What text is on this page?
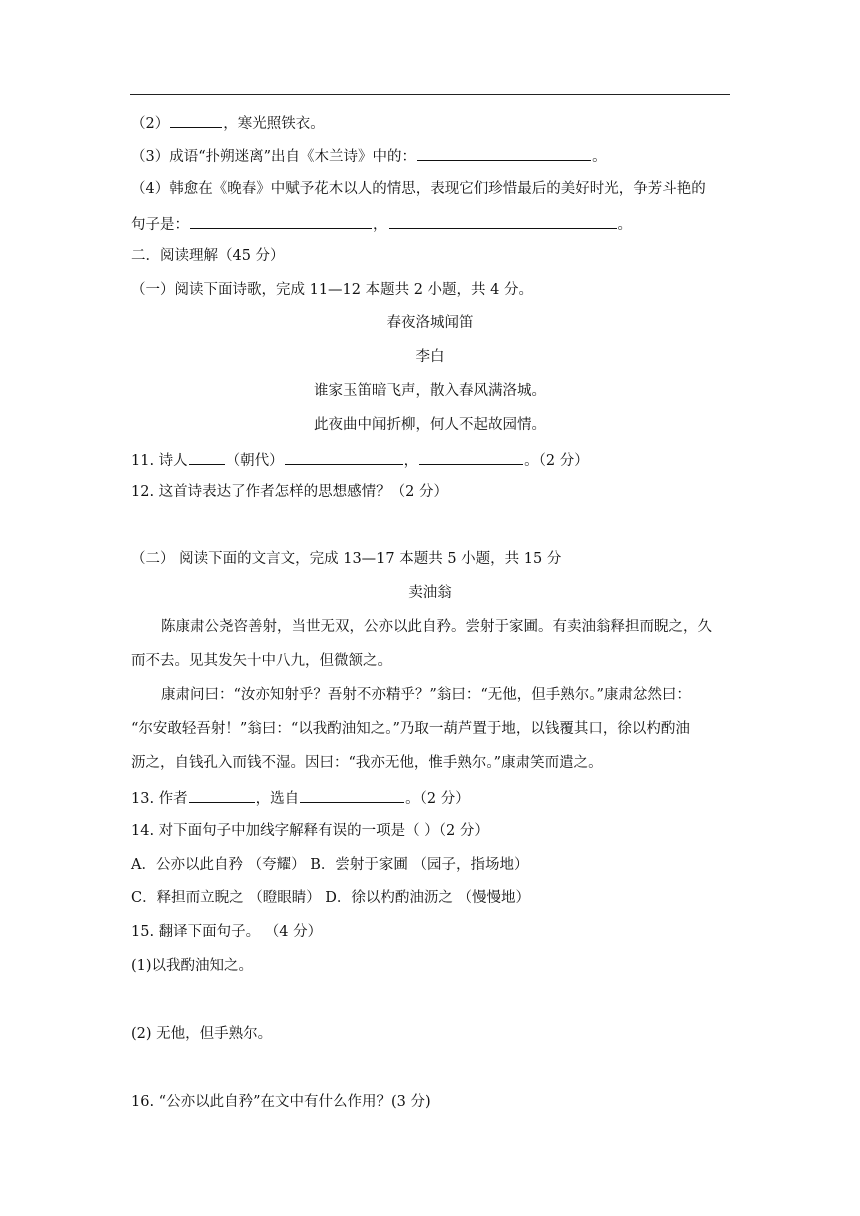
（2）	，寒光照铁衣。
（3）成语“扑朔迷离”出自《木兰诗》中的：	。
（4）韩愈在《晚春》中赋予花木以人的情思，表现它们珍惜最后的美好时光，争芳斗艳的
句子是：	，	。
二．阅读理解（45 分）
（一）阅读下面诗歌，完成 11—12 本题共 2 小题，共 4 分。
春夜洛城闻笛
李白
谁家玉笛暗飞声，散入春风满洛城。
此夜曲中闻折柳，何人不起故园情。
11. 诗人	（朝代）	，	。（2 分）
12. 这首诗表达了作者怎样的思想感情？（2 分）
（二） 阅读下面的文言文，完成 13—17 本题共 5 小题，共 15 分
卖油翁
陈康肃公尧咨善射，当世无双，公亦以此自矜。尝射于家圃。有卖油翁释担而睨之，久
而不去。见其发矢十中八九，但微颔之。
康肃问曰：“汝亦知射乎？吾射不亦精乎？”翁曰：“无他，但手熟尔。”康肃忿然曰：
“尔安敢轻吾射！”翁曰：“以我酌油知之。”乃取一葫芦置于地，以钱覆其口，徐以杓酌油
沥之，自钱孔入而钱不湿。因曰：“我亦无他，惟手熟尔。”康肃笑而遣之。
13. 作者	，选自	。（2 分）
14. 对下面句子中加线字解释有误的一项是（ ）（2 分）
A．公亦以此自矜 （夸耀） B．尝射于家圃 （园子，指场地）
C．释担而立睨之 （瞪眼睛） D．徐以杓酌油沥之 （慢慢地）
15. 翻译下面句子。 （4 分）
(1)以我酌油知之。
(2) 无他，但手熟尔。
16. “公亦以此自矜”在文中有什么作用？(3 分)
